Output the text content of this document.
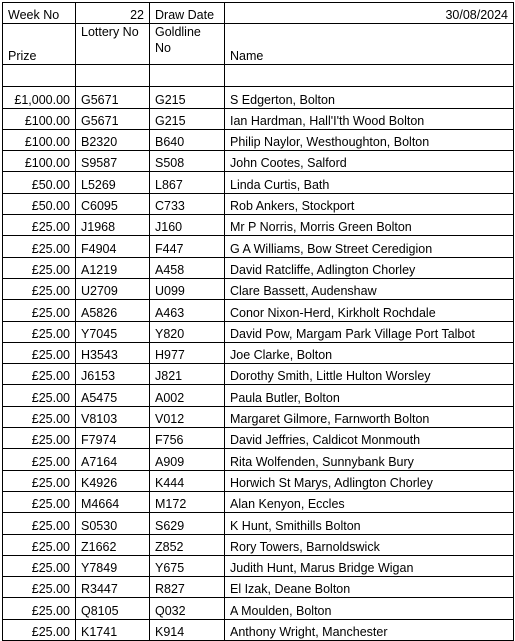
Week No	22	Draw Date	30/08/2024
Prize	Lottery No	Goldline No	Name

£1,000.00	G5671	G215	S Edgerton, Bolton
£100.00	G5671	G215	Ian Hardman, Hall'I'th Wood Bolton
£100.00	B2320	B640	Philip Naylor, Westhoughton, Bolton
£100.00	S9587	S508	John Cootes, Salford
£50.00	L5269	L867	Linda Curtis, Bath
£50.00	C6095	C733	Rob Ankers, Stockport
£25.00	J1968	J160	Mr P Norris, Morris Green Bolton
£25.00	F4904	F447	G A Williams, Bow Street Ceredigion
£25.00	A1219	A458	David Ratcliffe, Adlington Chorley
£25.00	U2709	U099	Clare Bassett, Audenshaw
£25.00	A5826	A463	Conor Nixon-Herd, Kirkholt Rochdale
£25.00	Y7045	Y820	David Pow, Margam Park Village Port Talbot
£25.00	H3543	H977	Joe Clarke, Bolton
£25.00	J6153	J821	Dorothy Smith, Little Hulton Worsley
£25.00	A5475	A002	Paula Butler, Bolton
£25.00	V8103	V012	Margaret Gilmore, Farnworth Bolton
£25.00	F7974	F756	David Jeffries, Caldicot Monmouth
£25.00	A7164	A909	Rita Wolfenden, Sunnybank Bury
£25.00	K4926	K444	Horwich St Marys, Adlington Chorley
£25.00	M4664	M172	Alan Kenyon, Eccles
£25.00	S0530	S629	K Hunt, Smithills Bolton
£25.00	Z1662	Z852	Rory Towers, Barnoldswick
£25.00	Y7849	Y675	Judith Hunt, Marus Bridge Wigan
£25.00	R3447	R827	El Izak, Deane Bolton
£25.00	Q8105	Q032	A Moulden, Bolton
£25.00	K1741	K914	Anthony Wright, Manchester
